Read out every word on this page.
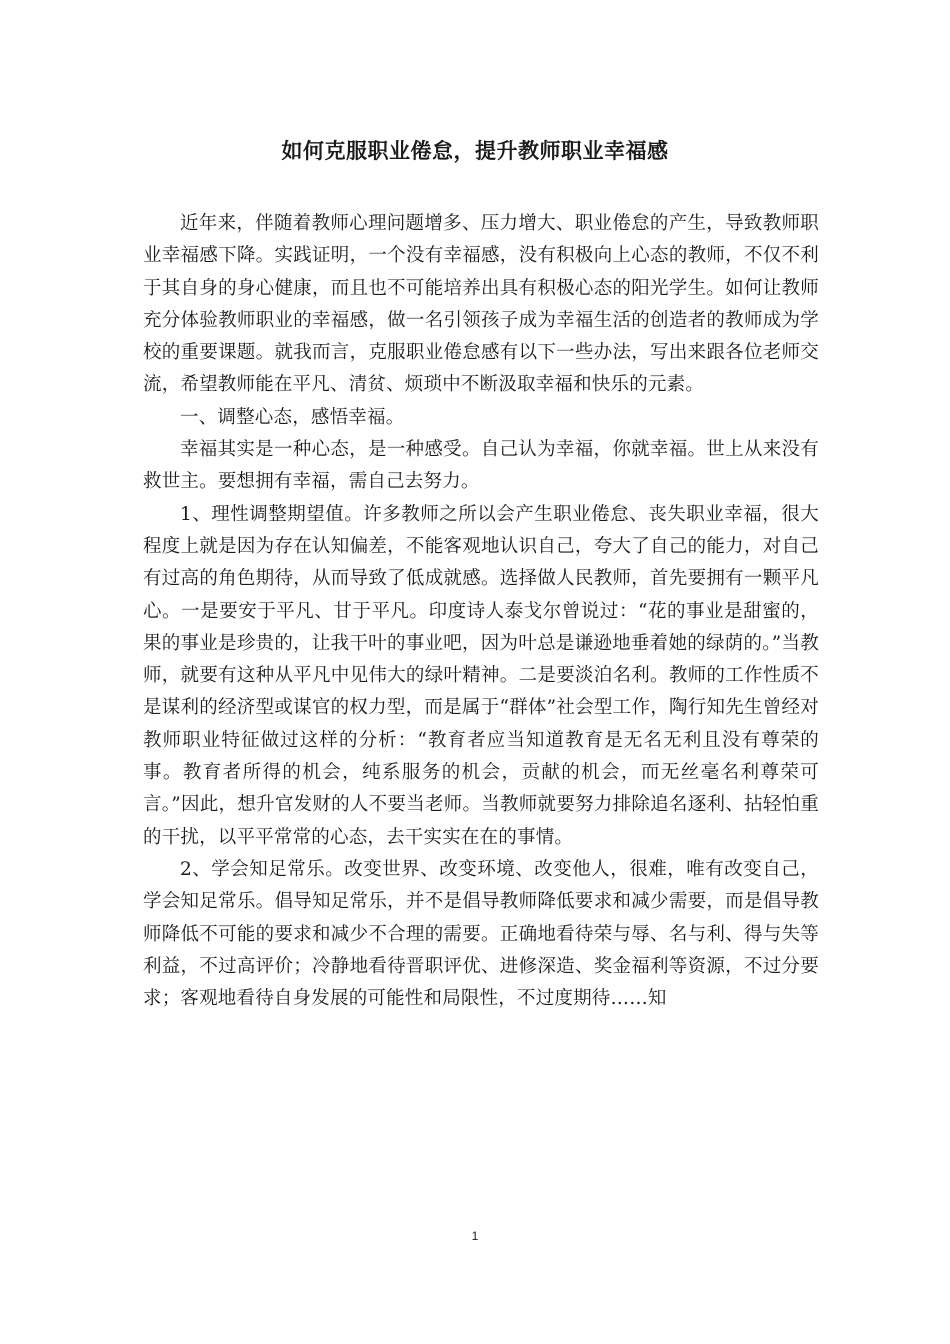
如何克服职业倦怠，提升教师职业幸福感

近年来，伴随着教师心理问题增多、压力增大、职业倦怠的产生，导致教师职业幸福感下降。实践证明，一个没有幸福感，没有积极向上心态的教师，不仅不利于其自身的身心健康，而且也不可能培养出具有积极心态的阳光学生。如何让教师充分体验教师职业的幸福感，做一名引领孩子成为幸福生活的创造者的教师成为学校的重要课题。就我而言，克服职业倦怠感有以下一些办法，写出来跟各位老师交流，希望教师能在平凡、清贫、烦琐中不断汲取幸福和快乐的元素。

一、调整心态，感悟幸福。

幸福其实是一种心态，是一种感受。自己认为幸福，你就幸福。世上从来没有救世主。要想拥有幸福，需自己去努力。

1、理性调整期望值。许多教师之所以会产生职业倦怠、丧失职业幸福，很大程度上就是因为存在认知偏差，不能客观地认识自己，夸大了自己的能力，对自己有过高的角色期待，从而导致了低成就感。选择做人民教师，首先要拥有一颗平凡心。一是要安于平凡、甘于平凡。印度诗人泰戈尔曾说过：“花的事业是甜蜜的，果的事业是珍贵的，让我干叶的事业吧，因为叶总是谦逊地垂着她的绿荫的。”当教师，就要有这种从平凡中见伟大的绿叶精神。二是要淡泊名利。教师的工作性质不是谋利的经济型或谋官的权力型，而是属于“群体”社会型工作，陶行知先生曾经对教师职业特征做过这样的分析：“教育者应当知道教育是无名无利且没有尊荣的事。教育者所得的机会，纯系服务的机会，贡献的机会，而无丝毫名利尊荣可言。”因此，想升官发财的人不要当老师。当教师就要努力排除追名逐利、拈轻怕重的干扰，以平平常常的心态，去干实实在在的事情。

2、学会知足常乐。改变世界、改变环境、改变他人，很难，唯有改变自己，学会知足常乐。倡导知足常乐，并不是倡导教师降低要求和减少需要，而是倡导教师降低不可能的要求和减少不合理的需要。正确地看待荣与辱、名与利、得与失等利益，不过高评价；冷静地看待晋职评优、进修深造、奖金福利等资源，不过分要求；客观地看待自身发展的可能性和局限性，不过度期待……知

1
